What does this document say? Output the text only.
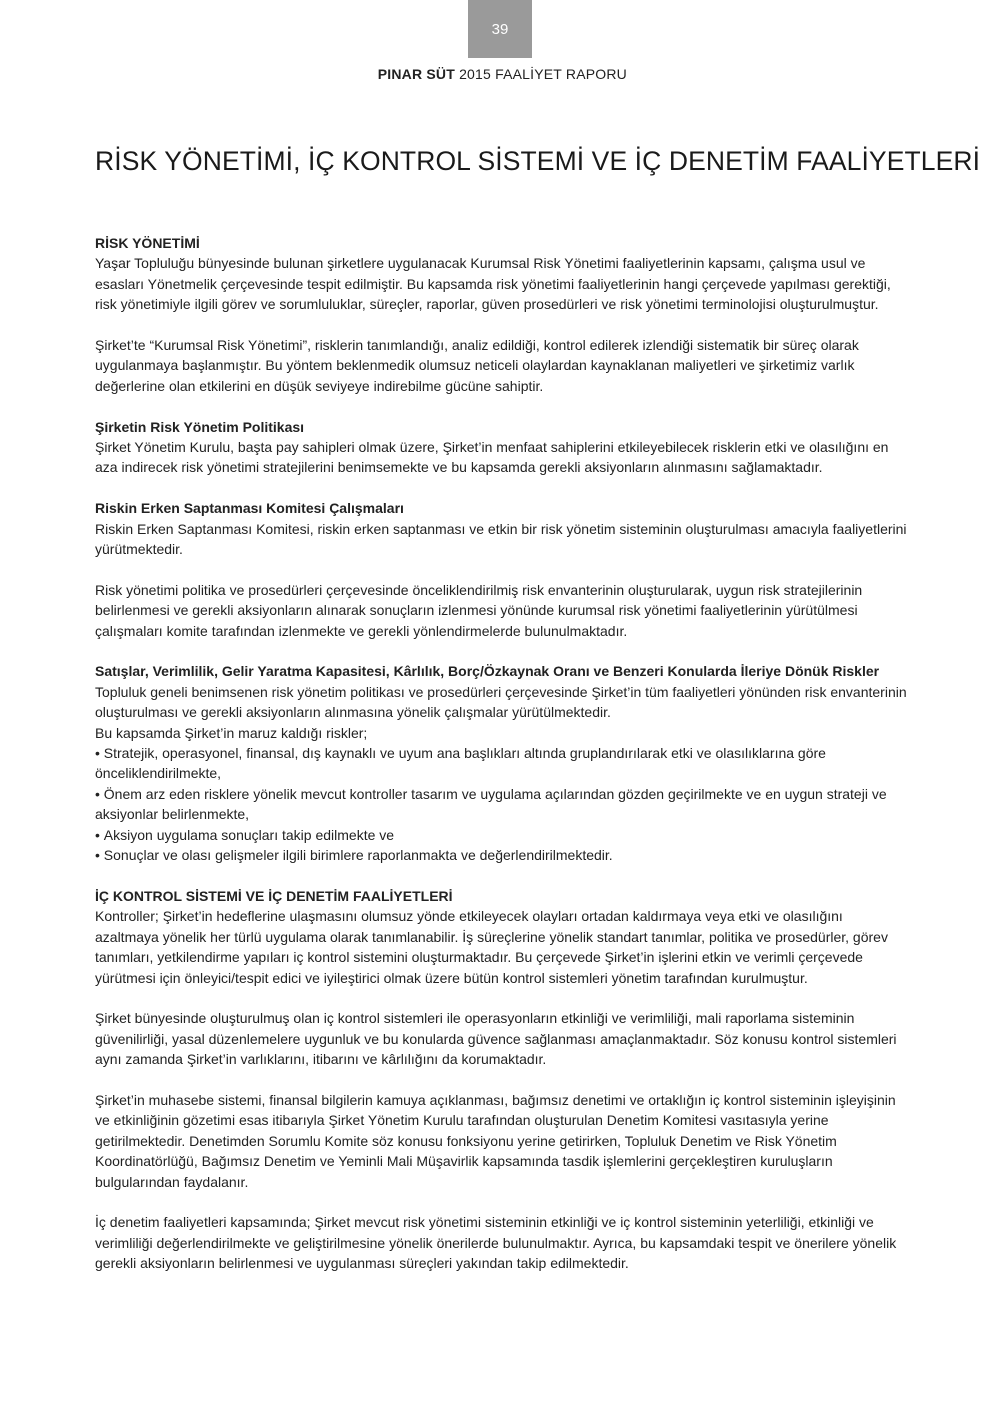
39
PINAR SÜT 2015 FAALİYET RAPORU
RİSK YÖNETİMİ, İÇ KONTROL SİSTEMİ VE İÇ DENETİM FAALİYETLERİ
RİSK YÖNETİMİ

Yaşar Topluluğu bünyesinde bulunan şirketlere uygulanacak Kurumsal Risk Yönetimi faaliyetlerinin kapsamı, çalışma usul ve esasları Yönetmelik çerçevesinde tespit edilmiştir. Bu kapsamda risk yönetimi faaliyetlerinin hangi çerçevede yapılması gerektiği, risk yönetimiyle ilgili görev ve sorumluluklar, süreçler, raporlar, güven prosedürleri ve risk yönetimi terminolojisi oluşturulmuştur.

Şirket’te “Kurumsal Risk Yönetimi”, risklerin tanımlandığı, analiz edildiği, kontrol edilerek izlendiği sistematik bir süreç olarak uygulanmaya başlanmıştır. Bu yöntem beklenmedik olumsuz neticeli olaylardan kaynaklanan maliyetleri ve şirketimiz varlık değerlerine olan etkilerini en düşük seviyeye indirebilme gücüne sahiptir.

Şirketin Risk Yönetim Politikası

Şirket Yönetim Kurulu, başta pay sahipleri olmak üzere, Şirket’in menfaat sahiplerini etkileyebilecek risklerin etki ve olasılığını en aza indirecek risk yönetimi stratejilerini benimsemekte ve bu kapsamda gerekli aksiyonların alınmasını sağlamaktadır.

Riskin Erken Saptanması Komitesi Çalışmaları

Riskin Erken Saptanması Komitesi, riskin erken saptanması ve etkin bir risk yönetim sisteminin oluşturulması amacıyla faaliyetlerini yürütmektedir.

Risk yönetimi politika ve prosedürleri çerçevesinde önceliklendirilmiş risk envanterinin oluşturularak, uygun risk stratejilerinin belirlenmesi ve gerekli aksiyonların alınarak sonuçların izlenmesi yönünde kurumsal risk yönetimi faaliyetlerinin yürütülmesi çalışmaları komite tarafından izlenmekte ve gerekli yönlendirmelerde bulunulmaktadır.

Satışlar, Verimlilik, Gelir Yaratma Kapasitesi, Kârlılık, Borç/Özkaynak Oranı ve Benzeri Konularda İleriye Dönük Riskler

Topluluk geneli benimsenen risk yönetim politikası ve prosedürleri çerçevesinde Şirket’in tüm faaliyetleri yönünden risk envanterinin oluşturulması ve gerekli aksiyonların alınmasına yönelik çalışmalar yürütülmektedir.

Bu kapsamda Şirket’in maruz kaldığı riskler;

• Stratejik, operasyonel, finansal, dış kaynaklı ve uyum ana başlıkları altında gruplandırılarak etki ve olasılıklarına göre önceliklendirilmekte,

• Önem arz eden risklere yönelik mevcut kontroller tasarım ve uygulama açılarından gözden geçirilmekte ve en uygun strateji ve aksiyonlar belirlenmekte,

• Aksiyon uygulama sonuçları takip edilmekte ve

• Sonuçlar ve olası gelişmeler ilgili birimlere raporlanmakta ve değerlendirilmektedir.

İÇ KONTROL SİSTEMİ VE İÇ DENETİM FAALİYETLERİ

Kontroller; Şirket’in hedeflerine ulaşmasını olumsuz yönde etkileyecek olayları ortadan kaldırmaya veya etki ve olasılığını azaltmaya yönelik her türlü uygulama olarak tanımlanabilir. İş süreçlerine yönelik standart tanımlar, politika ve prosedürler, görev tanımları, yetkilendirme yapıları iç kontrol sistemini oluşturmaktadır. Bu çerçevede Şirket’in işlerini etkin ve verimli çerçevede yürütmesi için önleyici/tespit edici ve iyileştirici olmak üzere bütün kontrol sistemleri yönetim tarafından kurulmuştur.

Şirket bünyesinde oluşturulmuş olan iç kontrol sistemleri ile operasyonların etkinliği ve verimliliği, mali raporlama sisteminin güvenilirliği, yasal düzenlemelere uygunluk ve bu konularda güvence sağlanması amaçlanmaktadır. Söz konusu kontrol sistemleri aynı zamanda Şirket’in varlıklarını, itibarını ve kârlılığını da korumaktadır.

Şirket’in muhasebe sistemi, finansal bilgilerin kamuya açıklanması, bağımsız denetimi ve ortaklığın iç kontrol sisteminin işleyişinin ve etkinliğinin gözetimi esas itibarıyla Şirket Yönetim Kurulu tarafından oluşturulan Denetim Komitesi vasıtasıyla yerine getirilmektedir. Denetimden Sorumlu Komite söz konusu fonksiyonu yerine getirirken, Topluluk Denetim ve Risk Yönetim Koordinatörlüğü, Bağımsız Denetim ve Yeminli Mali Müşavirlik kapsamında tasdik işlemlerini gerçekleştiren kuruluşların bulgularından faydalanır.

İç denetim faaliyetleri kapsamında; Şirket mevcut risk yönetimi sisteminin etkinliği ve iç kontrol sisteminin yeterliliği, etkinliği ve verimliliği değerlendirilmekte ve geliştirilmesine yönelik önerilerde bulunulmaktır. Ayrıca, bu kapsamdaki tespit ve önerilere yönelik gerekli aksiyonların belirlenmesi ve uygulanması süreçleri yakından takip edilmektedir.
